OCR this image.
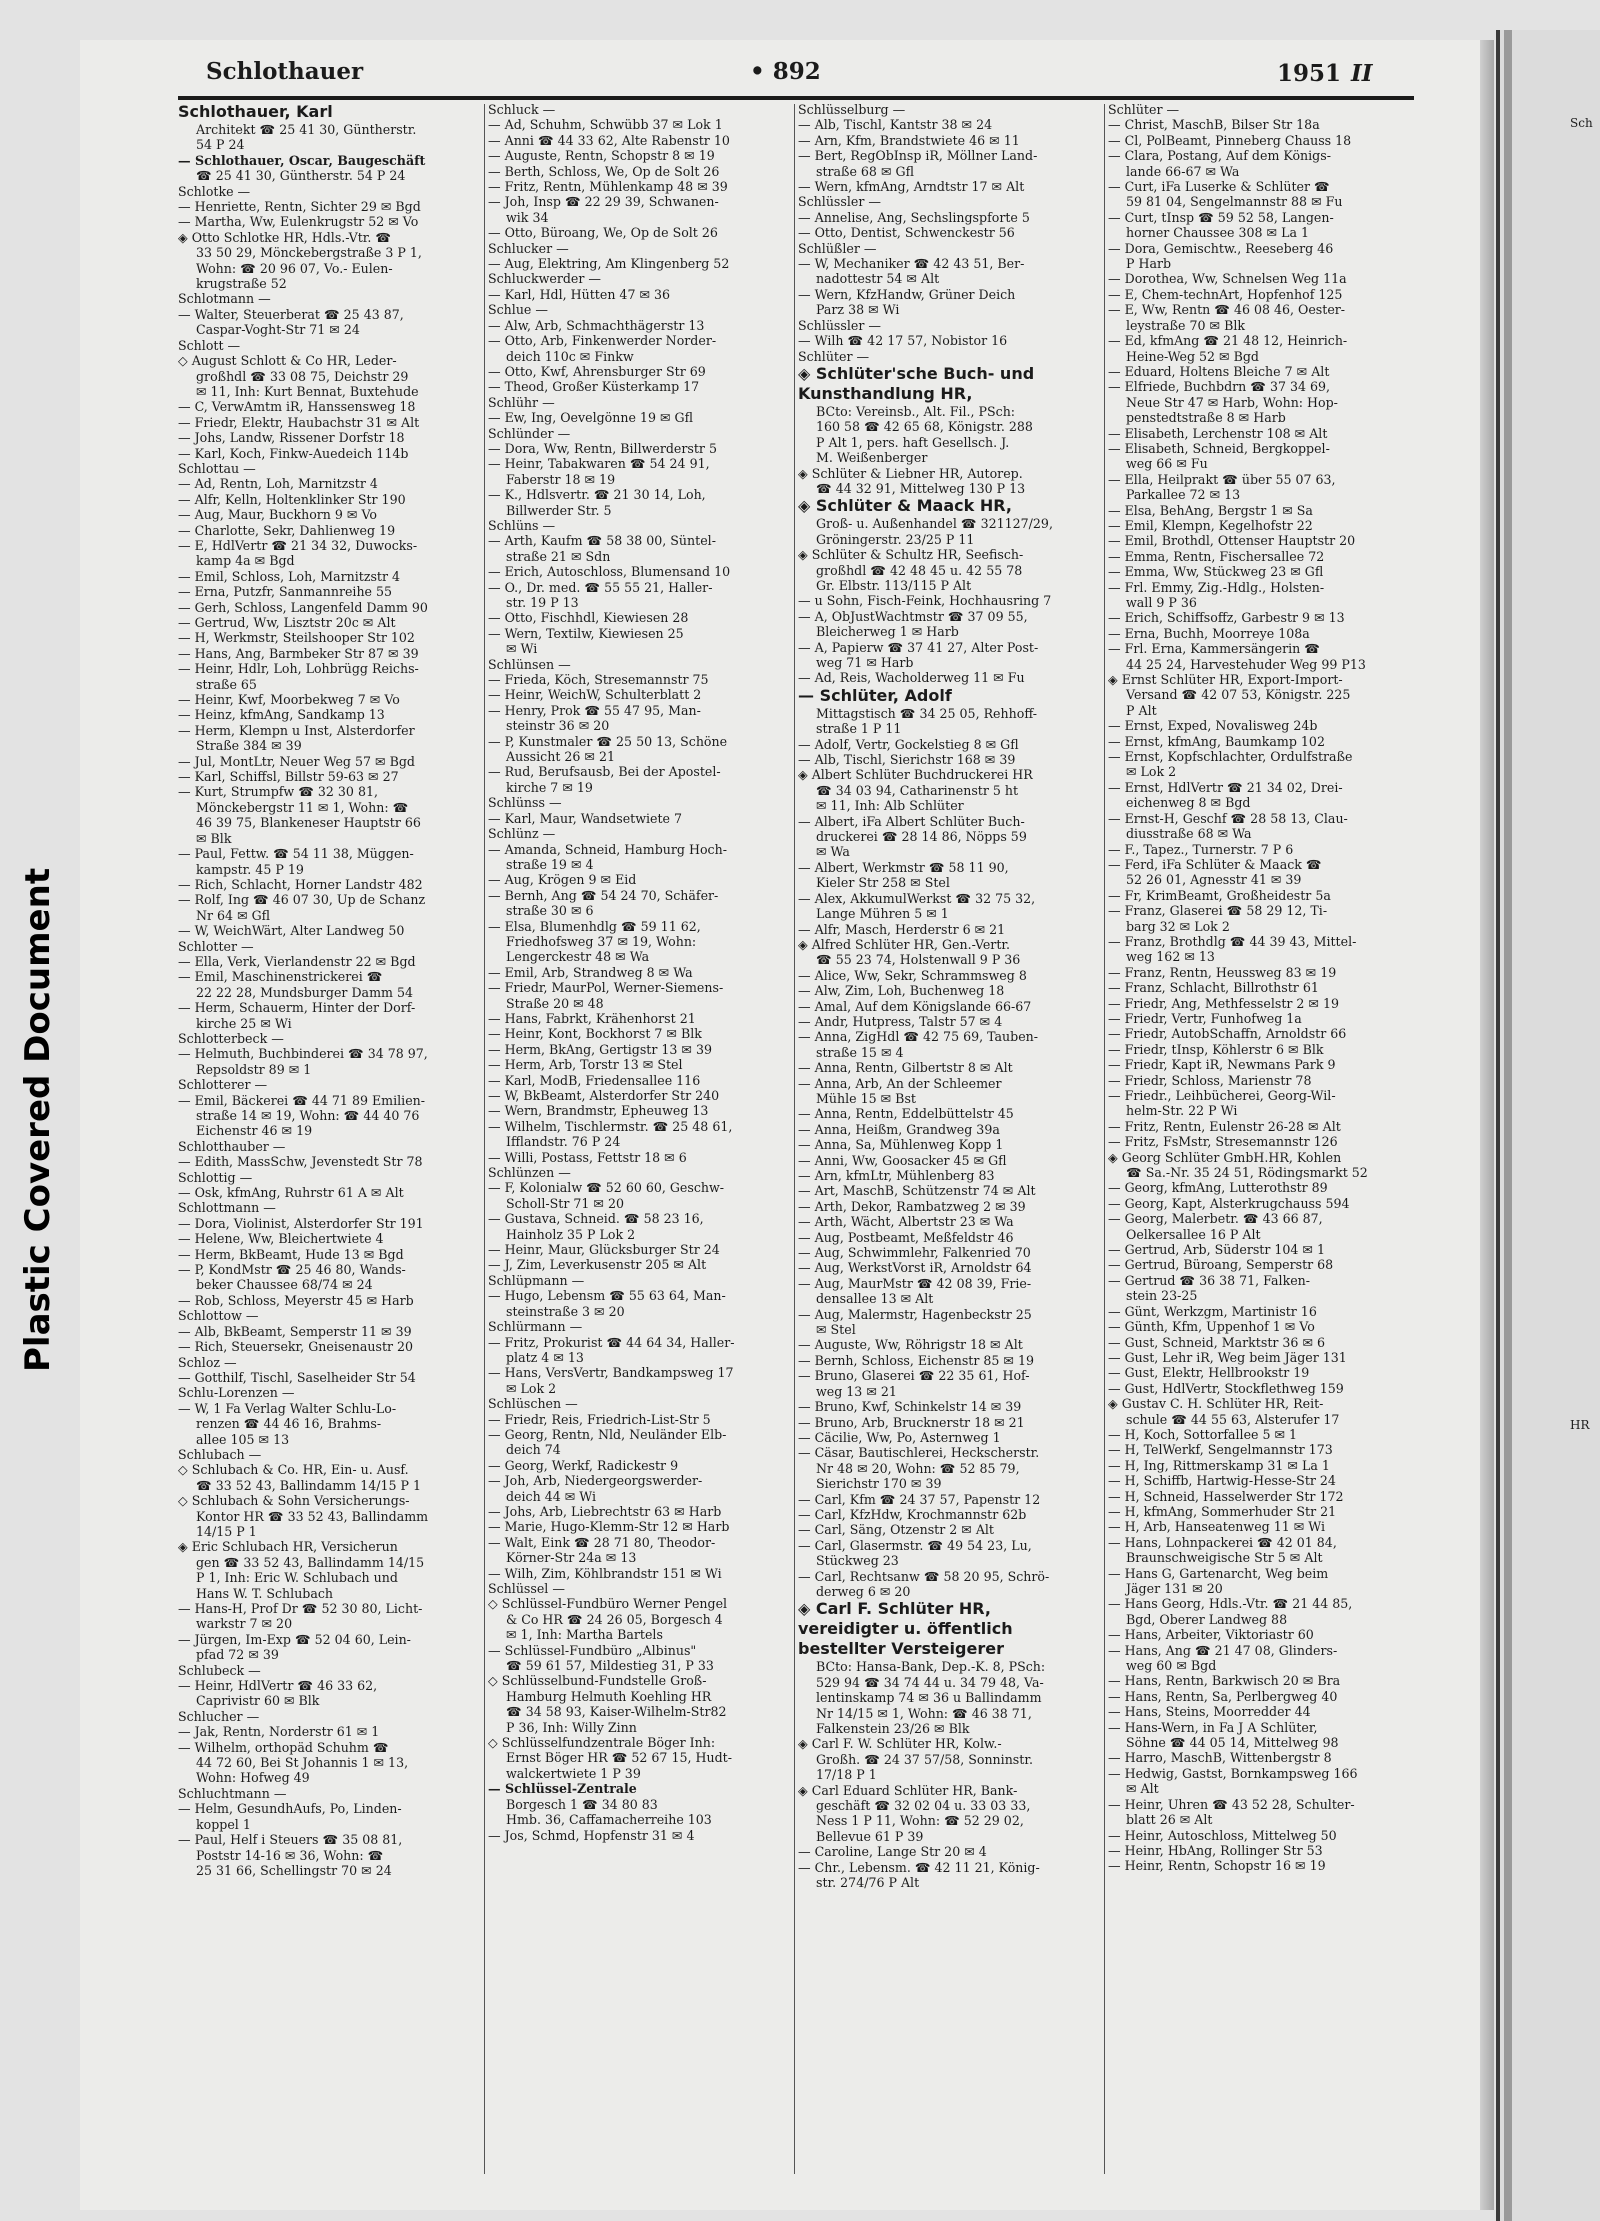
Sch
HR
Plastic Covered Document
Schlothauer	• 892	1951 II
Schlothauer, Karl
Architekt ☎ 25 41 30, Güntherstr.
54 P 24
— Schlothauer, Oscar, Baugeschäft
☎ 25 41 30, Güntherstr. 54 P 24
Schlotke —
— Henriette, Rentn, Sichter 29 ✉ Bgd
— Martha, Ww, Eulenkrugstr 52 ✉ Vo
◈ Otto Schlotke HR, Hdls.-Vtr. ☎
33 50 29, Mönckebergstraße 3 P 1,
Wohn: ☎ 20 96 07, Vo.- Eulen-
krugstraße 52
Schlotmann —
— Walter, Steuerberat ☎ 25 43 87,
Caspar-Voght-Str 71 ✉ 24
Schlott —
◇ August Schlott & Co HR, Leder-
großhdl ☎ 33 08 75, Deichstr 29
✉ 11, Inh: Kurt Bennat, Buxtehude
— C, VerwAmtm iR, Hanssensweg 18
— Friedr, Elektr, Haubachstr 31 ✉ Alt
— Johs, Landw, Rissener Dorfstr 18
— Karl, Koch, Finkw-Auedeich 114b
Schlottau —
— Ad, Rentn, Loh, Marnitzstr 4
— Alfr, Kelln, Holtenklinker Str 190
— Aug, Maur, Buckhorn 9 ✉ Vo
— Charlotte, Sekr, Dahlienweg 19
— E, HdlVertr ☎ 21 34 32, Duwocks-
kamp 4a ✉ Bgd
— Emil, Schloss, Loh, Marnitzstr 4
— Erna, Putzfr, Sanmannreihe 55
— Gerh, Schloss, Langenfeld Damm 90
— Gertrud, Ww, Lisztstr 20c ✉ Alt
— H, Werkmstr, Steilshooper Str 102
— Hans, Ang, Barmbeker Str 87 ✉ 39
— Heinr, Hdlr, Loh, Lohbrügg Reichs-
straße 65
— Heinr, Kwf, Moorbekweg 7 ✉ Vo
— Heinz, kfmAng, Sandkamp 13
— Herm, Klempn u Inst, Alsterdorfer
Straße 384 ✉ 39
— Jul, MontLtr, Neuer Weg 57 ✉ Bgd
— Karl, Schiffsl, Billstr 59-63 ✉ 27
— Kurt, Strumpfw ☎ 32 30 81,
Mönckebergstr 11 ✉ 1, Wohn: ☎
46 39 75, Blankeneser Hauptstr 66
✉ Blk
— Paul, Fettw. ☎ 54 11 38, Müggen-
kampstr. 45 P 19
— Rich, Schlacht, Horner Landstr 482
— Rolf, Ing ☎ 46 07 30, Up de Schanz
Nr 64 ✉ Gfl
— W, WeichWärt, Alter Landweg 50
Schlotter —
— Ella, Verk, Vierlandenstr 22 ✉ Bgd
— Emil, Maschinenstrickerei ☎
22 22 28, Mundsburger Damm 54
— Herm, Schauerm, Hinter der Dorf-
kirche 25 ✉ Wi
Schlotterbeck —
— Helmuth, Buchbinderei ☎ 34 78 97,
Repsoldstr 89 ✉ 1
Schlotterer —
— Emil, Bäckerei ☎ 44 71 89 Emilien-
straße 14 ✉ 19, Wohn: ☎ 44 40 76
Eichenstr 46 ✉ 19
Schlotthauber —
— Edith, MassSchw, Jevenstedt Str 78
Schlottig —
— Osk, kfmAng, Ruhrstr 61 A ✉ Alt
Schlottmann —
— Dora, Violinist, Alsterdorfer Str 191
— Helene, Ww, Bleichertwiete 4
— Herm, BkBeamt, Hude 13 ✉ Bgd
— P, KondMstr ☎ 25 46 80, Wands-
beker Chaussee 68/74 ✉ 24
— Rob, Schloss, Meyerstr 45 ✉ Harb
Schlottow —
— Alb, BkBeamt, Semperstr 11 ✉ 39
— Rich, Steuersekr, Gneisenaustr 20
Schloz —
— Gotthilf, Tischl, Saselheider Str 54
Schlu-Lorenzen —
— W, 1 Fa Verlag Walter Schlu-Lo-
renzen ☎ 44 46 16, Brahms-
allee 105 ✉ 13
Schlubach —
◇ Schlubach & Co. HR, Ein- u. Ausf.
☎ 33 52 43, Ballindamm 14/15 P 1
◇ Schlubach & Sohn Versicherungs-
Kontor HR ☎ 33 52 43, Ballindamm
14/15 P 1
◈ Eric Schlubach HR, Versicherun
gen ☎ 33 52 43, Ballindamm 14/15
P 1, Inh: Eric W. Schlubach und
Hans W. T. Schlubach
— Hans-H, Prof Dr ☎ 52 30 80, Licht-
warkstr 7 ✉ 20
— Jürgen, Im-Exp ☎ 52 04 60, Lein-
pfad 72 ✉ 39
Schlubeck —
— Heinr, HdlVertr ☎ 46 33 62,
Caprivistr 60 ✉ Blk
Schlucher —
— Jak, Rentn, Norderstr 61 ✉ 1
— Wilhelm, orthopäd Schuhm ☎
44 72 60, Bei St Johannis 1 ✉ 13,
Wohn: Hofweg 49
Schluchtmann —
— Helm, GesundhAufs, Po, Linden-
koppel 1
— Paul, Helf i Steuers ☎ 35 08 81,
Poststr 14-16 ✉ 36, Wohn: ☎
25 31 66, Schellingstr 70 ✉ 24
Schluck —
— Ad, Schuhm, Schwübb 37 ✉ Lok 1
— Anni ☎ 44 33 62, Alte Rabenstr 10
— Auguste, Rentn, Schopstr 8 ✉ 19
— Berth, Schloss, We, Op de Solt 26
— Fritz, Rentn, Mühlenkamp 48 ✉ 39
— Joh, Insp ☎ 22 29 39, Schwanen-
wik 34
— Otto, Büroang, We, Op de Solt 26
Schlucker —
— Aug, Elektring, Am Klingenberg 52
Schluckwerder —
— Karl, Hdl, Hütten 47 ✉ 36
Schlue —
— Alw, Arb, Schmachthägerstr 13
— Otto, Arb, Finkenwerder Norder-
deich 110c ✉ Finkw
— Otto, Kwf, Ahrensburger Str 69
— Theod, Großer Küsterkamp 17
Schlühr —
— Ew, Ing, Oevelgönne 19 ✉ Gfl
Schlünder —
— Dora, Ww, Rentn, Billwerderstr 5
— Heinr, Tabakwaren ☎ 54 24 91,
Faberstr 18 ✉ 19
— K., Hdlsvertr. ☎ 21 30 14, Loh,
Billwerder Str. 5
Schlüns —
— Arth, Kaufm ☎ 58 38 00, Süntel-
straße 21 ✉ Sdn
— Erich, Autoschloss, Blumensand 10
— O., Dr. med. ☎ 55 55 21, Haller-
str. 19 P 13
— Otto, Fischhdl, Kiewiesen 28
— Wern, Textilw, Kiewiesen 25
✉ Wi
Schlünsen —
— Frieda, Köch, Stresemannstr 75
— Heinr, WeichW, Schulterblatt 2
— Henry, Prok ☎ 55 47 95, Man-
steinstr 36 ✉ 20
— P, Kunstmaler ☎ 25 50 13, Schöne
Aussicht 26 ✉ 21
— Rud, Berufsausb, Bei der Apostel-
kirche 7 ✉ 19
Schlünss —
— Karl, Maur, Wandsetwiete 7
Schlünz —
— Amanda, Schneid, Hamburg Hoch-
straße 19 ✉ 4
— Aug, Krögen 9 ✉ Eid
— Bernh, Ang ☎ 54 24 70, Schäfer-
straße 30 ✉ 6
— Elsa, Blumenhdlg ☎ 59 11 62,
Friedhofsweg 37 ✉ 19, Wohn:
Lengerckestr 48 ✉ Wa
— Emil, Arb, Strandweg 8 ✉ Wa
— Friedr, MaurPol, Werner-Siemens-
Straße 20 ✉ 48
— Hans, Fabrkt, Krähenhorst 21
— Heinr, Kont, Bockhorst 7 ✉ Blk
— Herm, BkAng, Gertigstr 13 ✉ 39
— Herm, Arb, Torstr 13 ✉ Stel
— Karl, ModB, Friedensallee 116
— W, BkBeamt, Alsterdorfer Str 240
— Wern, Brandmstr, Epheuweg 13
— Wilhelm, Tischlermstr. ☎ 25 48 61,
Ifflandstr. 76 P 24
— Willi, Postass, Fettstr 18 ✉ 6
Schlünzen —
— F, Kolonialw ☎ 52 60 60, Geschw-
Scholl-Str 71 ✉ 20
— Gustava, Schneid. ☎ 58 23 16,
Hainholz 35 P Lok 2
— Heinr, Maur, Glücksburger Str 24
— J, Zim, Leverkusenstr 205 ✉ Alt
Schlüpmann —
— Hugo, Lebensm ☎ 55 63 64, Man-
steinstraße 3 ✉ 20
Schlürmann —
— Fritz, Prokurist ☎ 44 64 34, Haller-
platz 4 ✉ 13
— Hans, VersVertr, Bandkampsweg 17
✉ Lok 2
Schlüschen —
— Friedr, Reis, Friedrich-List-Str 5
— Georg, Rentn, Nld, Neuländer Elb-
deich 74
— Georg, Werkf, Radickestr 9
— Joh, Arb, Niedergeorgswerder-
deich 44 ✉ Wi
— Johs, Arb, Liebrechtstr 63 ✉ Harb
— Marie, Hugo-Klemm-Str 12 ✉ Harb
— Walt, Eink ☎ 28 71 80, Theodor-
Körner-Str 24a ✉ 13
— Wilh, Zim, Köhlbrandstr 151 ✉ Wi
Schlüssel —
◇ Schlüssel-Fundbüro Werner Pengel
& Co HR ☎ 24 26 05, Borgesch 4
✉ 1, Inh: Martha Bartels
— Schlüssel-Fundbüro „Albinus"
☎ 59 61 57, Mildestieg 31, P 33
◇ Schlüsselbund-Fundstelle Groß-
Hamburg Helmuth Koehling HR
☎ 34 58 93, Kaiser-Wilhelm-Str82
P 36, Inh: Willy Zinn
◇ Schlüsselfundzentrale Böger Inh:
Ernst Böger HR ☎ 52 67 15, Hudt-
walckertwiete 1 P 39
— Schlüssel-Zentrale
Borgesch 1 ☎ 34 80 83
Hmb. 36, Caffamacherreihe 103
— Jos, Schmd, Hopfenstr 31 ✉ 4
Schlüsselburg —
— Alb, Tischl, Kantstr 38 ✉ 24
— Arn, Kfm, Brandstwiete 46 ✉ 11
— Bert, RegObInsp iR, Möllner Land-
straße 68 ✉ Gfl
— Wern, kfmAng, Arndtstr 17 ✉ Alt
Schlüssler —
— Annelise, Ang, Sechslingspforte 5
— Otto, Dentist, Schwenckestr 56
Schlüßler —
— W, Mechaniker ☎ 42 43 51, Ber-
nadottestr 54 ✉ Alt
— Wern, KfzHandw, Grüner Deich
Parz 38 ✉ Wi
Schlüssler —
— Wilh ☎ 42 17 57, Nobistor 16
Schlüter —
◈ Schlüter'sche Buch- und
Kunsthandlung HR,
BCto: Vereinsb., Alt. Fil., PSch:
160 58 ☎ 42 65 68, Königstr. 288
P Alt 1, pers. haft Gesellsch. J.
M. Weißenberger
◈ Schlüter & Liebner HR, Autorep.
☎ 44 32 91, Mittelweg 130 P 13
◈ Schlüter & Maack HR,
Groß- u. Außenhandel ☎ 321127/29,
Gröningerstr. 23/25 P 11
◈ Schlüter & Schultz HR, Seefisch-
großhdl ☎ 42 48 45 u. 42 55 78
Gr. Elbstr. 113/115 P Alt
— u Sohn, Fisch-Feink, Hochhausring 7
— A, ObJustWachtmstr ☎ 37 09 55,
Bleicherweg 1 ✉ Harb
— A, Papierw ☎ 37 41 27, Alter Post-
weg 71 ✉ Harb
— Ad, Reis, Wacholderweg 11 ✉ Fu
— Schlüter, Adolf
Mittagstisch ☎ 34 25 05, Rehhoff-
straße 1 P 11
— Adolf, Vertr, Gockelstieg 8 ✉ Gfl
— Alb, Tischl, Sierichstr 168 ✉ 39
◈ Albert Schlüter Buchdruckerei HR
☎ 34 03 94, Catharinenstr 5 ht
✉ 11, Inh: Alb Schlüter
— Albert, iFa Albert Schlüter Buch-
druckerei ☎ 28 14 86, Nöpps 59
✉ Wa
— Albert, Werkmstr ☎ 58 11 90,
Kieler Str 258 ✉ Stel
— Alex, AkkumulWerkst ☎ 32 75 32,
Lange Mühren 5 ✉ 1
— Alfr, Masch, Herderstr 6 ✉ 21
◈ Alfred Schlüter HR, Gen.-Vertr.
☎ 55 23 74, Holstenwall 9 P 36
— Alice, Ww, Sekr, Schrammsweg 8
— Alw, Zim, Loh, Buchenweg 18
— Amal, Auf dem Königslande 66-67
— Andr, Hutpress, Talstr 57 ✉ 4
— Anna, ZigHdl ☎ 42 75 69, Tauben-
straße 15 ✉ 4
— Anna, Rentn, Gilbertstr 8 ✉ Alt
— Anna, Arb, An der Schleemer
Mühle 15 ✉ Bst
— Anna, Rentn, Eddelbüttelstr 45
— Anna, Heißm, Grandweg 39a
— Anna, Sa, Mühlenweg Kopp 1
— Anni, Ww, Goosacker 45 ✉ Gfl
— Arn, kfmLtr, Mühlenberg 83
— Art, MaschB, Schützenstr 74 ✉ Alt
— Arth, Dekor, Rambatzweg 2 ✉ 39
— Arth, Wächt, Albertstr 23 ✉ Wa
— Aug, Postbeamt, Meßfeldstr 46
— Aug, Schwimmlehr, Falkenried 70
— Aug, WerkstVorst iR, Arnoldstr 64
— Aug, MaurMstr ☎ 42 08 39, Frie-
densallee 13 ✉ Alt
— Aug, Malermstr, Hagenbeckstr 25
✉ Stel
— Auguste, Ww, Röhrigstr 18 ✉ Alt
— Bernh, Schloss, Eichenstr 85 ✉ 19
— Bruno, Glaserei ☎ 22 35 61, Hof-
weg 13 ✉ 21
— Bruno, Kwf, Schinkelstr 14 ✉ 39
— Bruno, Arb, Brucknerstr 18 ✉ 21
— Cäcilie, Ww, Po, Asternweg 1
— Cäsar, Bautischlerei, Heckscherstr.
Nr 48 ✉ 20, Wohn: ☎ 52 85 79,
Sierichstr 170 ✉ 39
— Carl, Kfm ☎ 24 37 57, Papenstr 12
— Carl, KfzHdw, Krochmannstr 62b
— Carl, Säng, Otzenstr 2 ✉ Alt
— Carl, Glasermstr. ☎ 49 54 23, Lu,
Stückweg 23
— Carl, Rechtsanw ☎ 58 20 95, Schrö-
derweg 6 ✉ 20
◈ Carl F. Schlüter HR,
vereidigter u. öffentlich
bestellter Versteigerer
BCto: Hansa-Bank, Dep.-K. 8, PSch:
529 94 ☎ 34 74 44 u. 34 79 48, Va-
lentinskamp 74 ✉ 36 u Ballindamm
Nr 14/15 ✉ 1, Wohn: ☎ 46 38 71,
Falkenstein 23/26 ✉ Blk
◈ Carl F. W. Schlüter HR, Kolw.-
Großh. ☎ 24 37 57/58, Sonninstr.
17/18 P 1
◈ Carl Eduard Schlüter HR, Bank-
geschäft ☎ 32 02 04 u. 33 03 33,
Ness 1 P 11, Wohn: ☎ 52 29 02,
Bellevue 61 P 39
— Caroline, Lange Str 20 ✉ 4
— Chr., Lebensm. ☎ 42 11 21, König-
str. 274/76 P Alt
Schlüter —
— Christ, MaschB, Bilser Str 18a
— Cl, PolBeamt, Pinneberg Chauss 18
— Clara, Postang, Auf dem Königs-
lande 66-67 ✉ Wa
— Curt, iFa Luserke & Schlüter ☎
59 81 04, Sengelmannstr 88 ✉ Fu
— Curt, tInsp ☎ 59 52 58, Langen-
horner Chaussee 308 ✉ La 1
— Dora, Gemischtw., Reeseberg 46
P Harb
— Dorothea, Ww, Schnelsen Weg 11a
— E, Chem-technArt, Hopfenhof 125
— E, Ww, Rentn ☎ 46 08 46, Oester-
leystraße 70 ✉ Blk
— Ed, kfmAng ☎ 21 48 12, Heinrich-
Heine-Weg 52 ✉ Bgd
— Eduard, Holtens Bleiche 7 ✉ Alt
— Elfriede, Buchbdrn ☎ 37 34 69,
Neue Str 47 ✉ Harb, Wohn: Hop-
penstedtstraße 8 ✉ Harb
— Elisabeth, Lerchenstr 108 ✉ Alt
— Elisabeth, Schneid, Bergkoppel-
weg 66 ✉ Fu
— Ella, Heilprakt ☎ über 55 07 63,
Parkallee 72 ✉ 13
— Elsa, BehAng, Bergstr 1 ✉ Sa
— Emil, Klempn, Kegelhofstr 22
— Emil, Brothdl, Ottenser Hauptstr 20
— Emma, Rentn, Fischersallee 72
— Emma, Ww, Stückweg 23 ✉ Gfl
— Frl. Emmy, Zig.-Hdlg., Holsten-
wall 9 P 36
— Erich, Schiffsoffz, Garbestr 9 ✉ 13
— Erna, Buchh, Moorreye 108a
— Frl. Erna, Kammersängerin ☎
44 25 24, Harvestehuder Weg 99 P13
◈ Ernst Schlüter HR, Export-Import-
Versand ☎ 42 07 53, Königstr. 225
P Alt
— Ernst, Exped, Novalisweg 24b
— Ernst, kfmAng, Baumkamp 102
— Ernst, Kopfschlachter, Ordulfstraße
✉ Lok 2
— Ernst, HdlVertr ☎ 21 34 02, Drei-
eichenweg 8 ✉ Bgd
— Ernst-H, Geschf ☎ 28 58 13, Clau-
diusstraße 68 ✉ Wa
— F., Tapez., Turnerstr. 7 P 6
— Ferd, iFa Schlüter & Maack ☎
52 26 01, Agnesstr 41 ✉ 39
— Fr, KrimBeamt, Großheidestr 5a
— Franz, Glaserei ☎ 58 29 12, Ti-
barg 32 ✉ Lok 2
— Franz, Brothdlg ☎ 44 39 43, Mittel-
weg 162 ✉ 13
— Franz, Rentn, Heussweg 83 ✉ 19
— Franz, Schlacht, Billrothstr 61
— Friedr, Ang, Methfesselstr 2 ✉ 19
— Friedr, Vertr, Funhofweg 1a
— Friedr, AutobSchaffn, Arnoldstr 66
— Friedr, tInsp, Köhlerstr 6 ✉ Blk
— Friedr, Kapt iR, Newmans Park 9
— Friedr, Schloss, Marienstr 78
— Friedr., Leihbücherei, Georg-Wil-
helm-Str. 22 P Wi
— Fritz, Rentn, Eulenstr 26-28 ✉ Alt
— Fritz, FsMstr, Stresemannstr 126
◈ Georg Schlüter GmbH.HR, Kohlen
☎ Sa.-Nr. 35 24 51, Rödingsmarkt 52
— Georg, kfmAng, Lutterothstr 89
— Georg, Kapt, Alsterkrugchauss 594
— Georg, Malerbetr. ☎ 43 66 87,
Oelkersallee 16 P Alt
— Gertrud, Arb, Süderstr 104 ✉ 1
— Gertrud, Büroang, Semperstr 68
— Gertrud ☎ 36 38 71, Falken-
stein 23-25
— Günt, Werkzgm, Martinistr 16
— Günth, Kfm, Uppenhof 1 ✉ Vo
— Gust, Schneid, Marktstr 36 ✉ 6
— Gust, Lehr iR, Weg beim Jäger 131
— Gust, Elektr, Hellbrookstr 19
— Gust, HdlVertr, Stockflethweg 159
◈ Gustav C. H. Schlüter HR, Reit-
schule ☎ 44 55 63, Alsterufer 17
— H, Koch, Sottorfallee 5 ✉ 1
— H, TelWerkf, Sengelmannstr 173
— H, Ing, Rittmerskamp 31 ✉ La 1
— H, Schiffb, Hartwig-Hesse-Str 24
— H, Schneid, Hasselwerder Str 172
— H, kfmAng, Sommerhuder Str 21
— H, Arb, Hanseatenweg 11 ✉ Wi
— Hans, Lohnpackerei ☎ 42 01 84,
Braunschweigische Str 5 ✉ Alt
— Hans G, Gartenarcht, Weg beim
Jäger 131 ✉ 20
— Hans Georg, Hdls.-Vtr. ☎ 21 44 85,
Bgd, Oberer Landweg 88
— Hans, Arbeiter, Viktoriastr 60
— Hans, Ang ☎ 21 47 08, Glinders-
weg 60 ✉ Bgd
— Hans, Rentn, Barkwisch 20 ✉ Bra
— Hans, Rentn, Sa, Perlbergweg 40
— Hans, Steins, Moorredder 44
— Hans-Wern, in Fa J A Schlüter,
Söhne ☎ 44 05 14, Mittelweg 98
— Harro, MaschB, Wittenbergstr 8
— Hedwig, Gastst, Bornkampsweg 166
✉ Alt
— Heinr, Uhren ☎ 43 52 28, Schulter-
blatt 26 ✉ Alt
— Heinr, Autoschloss, Mittelweg 50
— Heinr, HbAng, Rollinger Str 53
— Heinr, Rentn, Schopstr 16 ✉ 19
